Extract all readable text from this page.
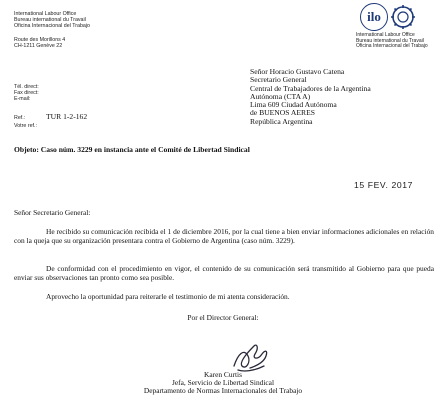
International Labour Office
Bureau international du Travail
Oficina Internacional del Trabajo
Route des Morillons 4
CH-1211 Genève 22
ilo
International Labour Office
Bureau international du Travail
Oficina Internacional del Trabajo
Tél. direct:
Fax direct:
E-mail:
Ref.:	TUR 1-2-162
Votre ref.:
Señor Horacio Gustavo Catena
Secretario General
Central de Trabajadores de la Argentina
Autónoma (CTA A)
Lima 609 Ciudad Autónoma
de BUENOS AERES
República Argentina
Objeto: Caso núm. 3229 en instancia ante el Comité de Libertad Sindical
15 FEV. 2017
Señor Secretario General:
He recibido su comunicación recibida el 1 de diciembre 2016, por la cual tiene a bien enviar informaciones adicionales en relación con la queja que su organización presentara contra el Gobierno de Argentina (caso núm. 3229).
De conformidad con el procedimiento en vigor, el contenido de su comunicación será transmitido al Gobierno para que pueda enviar sus observaciones tan pronto como sea posible.
Aprovecho la oportunidad para reiterarle el testimonio de mi atenta consideración.
Por el Director General:
Karen Curtis
Jefa, Servicio de Libertad Sindical
Departamento de Normas Internacionales del Trabajo
